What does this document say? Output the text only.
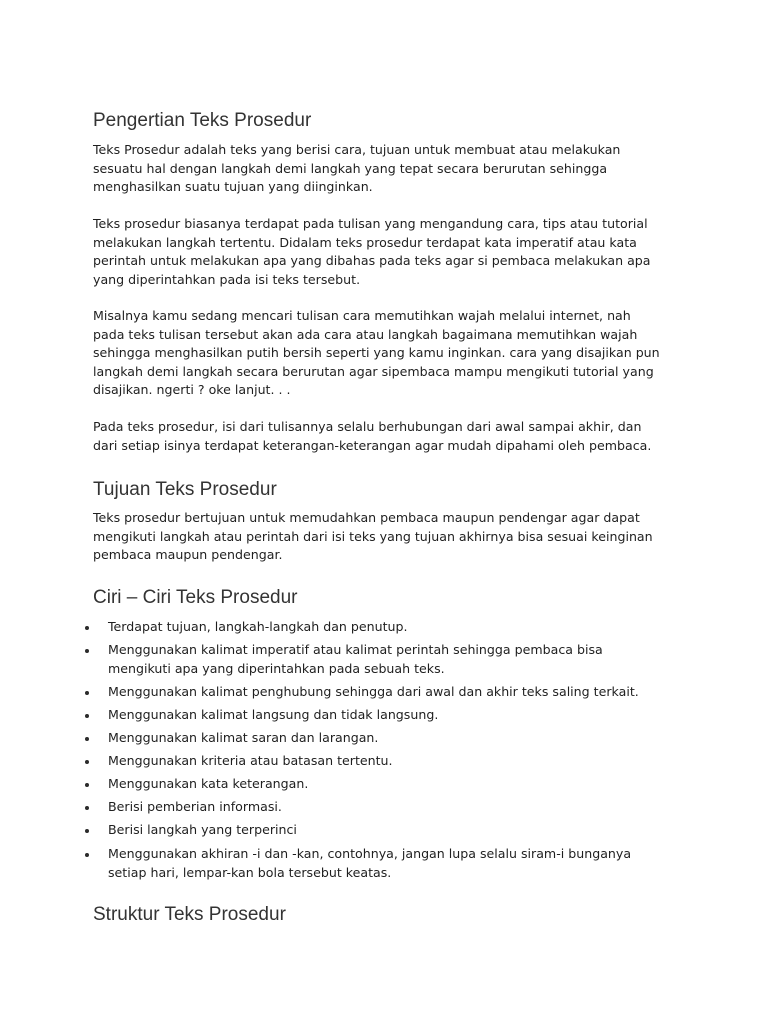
Pengertian Teks Prosedur

Teks Prosedur adalah teks yang berisi cara, tujuan untuk membuat atau melakukan
sesuatu hal dengan langkah demi langkah yang tepat secara berurutan sehingga
menghasilkan suatu tujuan yang diinginkan.

Teks prosedur biasanya terdapat pada tulisan yang mengandung cara, tips atau tutorial
melakukan langkah tertentu. Didalam teks prosedur terdapat kata imperatif atau kata
perintah untuk melakukan apa yang dibahas pada teks agar si pembaca melakukan apa
yang diperintahkan pada isi teks tersebut.

Misalnya kamu sedang mencari tulisan cara memutihkan wajah melalui internet, nah
pada teks tulisan tersebut akan ada cara atau langkah bagaimana memutihkan wajah
sehingga menghasilkan putih bersih seperti yang kamu inginkan. cara yang disajikan pun
langkah demi langkah secara berurutan agar sipembaca mampu mengikuti tutorial yang
disajikan. ngerti ? oke lanjut. . .

Pada teks prosedur, isi dari tulisannya selalu berhubungan dari awal sampai akhir, dan
dari setiap isinya terdapat keterangan-keterangan agar mudah dipahami oleh pembaca.

Tujuan Teks Prosedur

Teks prosedur bertujuan untuk memudahkan pembaca maupun pendengar agar dapat
mengikuti langkah atau perintah dari isi teks yang tujuan akhirnya bisa sesuai keinginan
pembaca maupun pendengar.

Ciri – Ciri Teks Prosedur
Terdapat tujuan, langkah-langkah dan penutup.
Menggunakan kalimat imperatif atau kalimat perintah sehingga pembaca bisa
mengikuti apa yang diperintahkan pada sebuah teks.
Menggunakan kalimat penghubung sehingga dari awal dan akhir teks saling terkait.
Menggunakan kalimat langsung dan tidak langsung.
Menggunakan kalimat saran dan larangan.
Menggunakan kriteria atau batasan tertentu.
Menggunakan kata keterangan.
Berisi pemberian informasi.
Berisi langkah yang terperinci
Menggunakan akhiran -i dan -kan, contohnya, jangan lupa selalu siram-i bunganya
setiap hari, lempar-kan bola tersebut keatas.
Struktur Teks Prosedur
